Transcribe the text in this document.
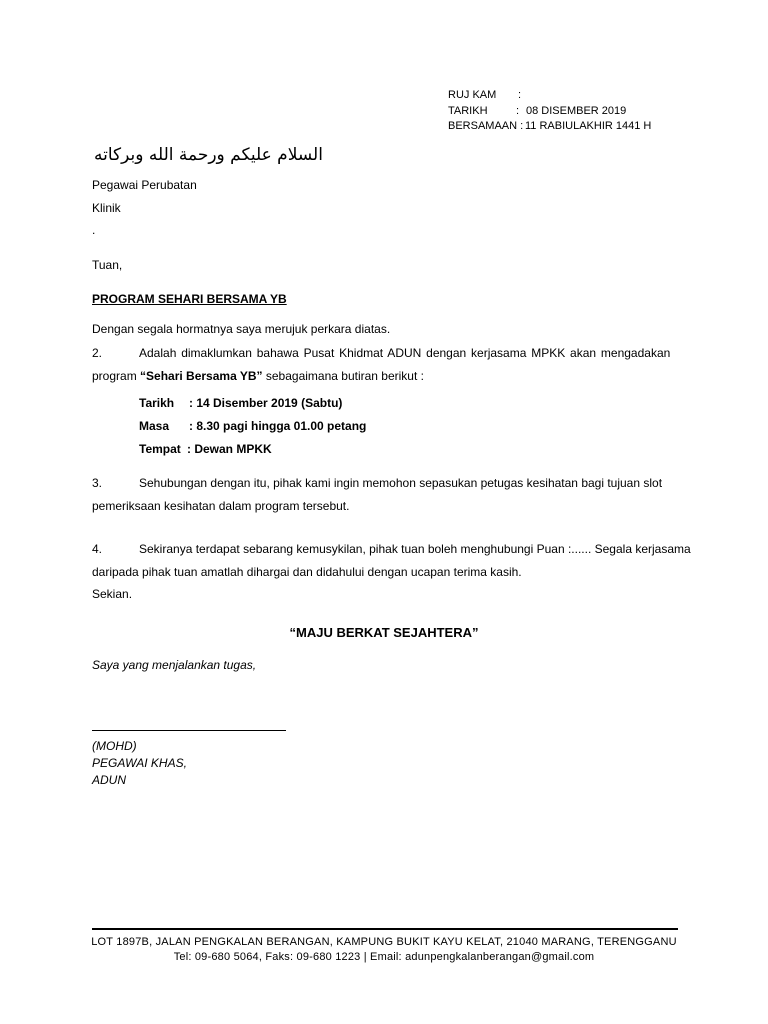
RUJ KAM :
TARIKH	: 08 DISEMBER 2019
BERSAMAAN : 11 RABIULAKHIR 1441 H
السلام عليكم ورحمة الله وبركاته
Pegawai Perubatan
Klinik
.
Tuan,
PROGRAM SEHARI BERSAMA YB
Dengan segala hormatnya saya merujuk perkara diatas.
2.	Adalah dimaklumkan bahawa Pusat Khidmat ADUN dengan kerjasama MPKK akan mengadakan
program “Sehari Bersama YB” sebagaimana butiran berikut :
Tarikh : 14 Disember 2019 (Sabtu)
Masa : 8.30 pagi hingga 01.00 petang
Tempat : Dewan MPKK
3.	Sehubungan dengan itu, pihak kami ingin memohon sepasukan petugas kesihatan bagi tujuan slot
pemeriksaan kesihatan dalam program tersebut.
4.	Sekiranya terdapat sebarang kemusykilan, pihak tuan boleh menghubungi Puan :...... Segala kerjasama
daripada pihak tuan amatlah dihargai dan didahului dengan ucapan terima kasih.
Sekian.
“MAJU BERKAT SEJAHTERA”
Saya yang menjalankan tugas,
(MOHD)
PEGAWAI KHAS,
ADUN
LOT 1897B, JALAN PENGKALAN BERANGAN, KAMPUNG BUKIT KAYU KELAT, 21040 MARANG, TERENGGANU
Tel: 09-680 5064, Faks: 09-680 1223 | Email: adunpengkalanberangan@gmail.com
